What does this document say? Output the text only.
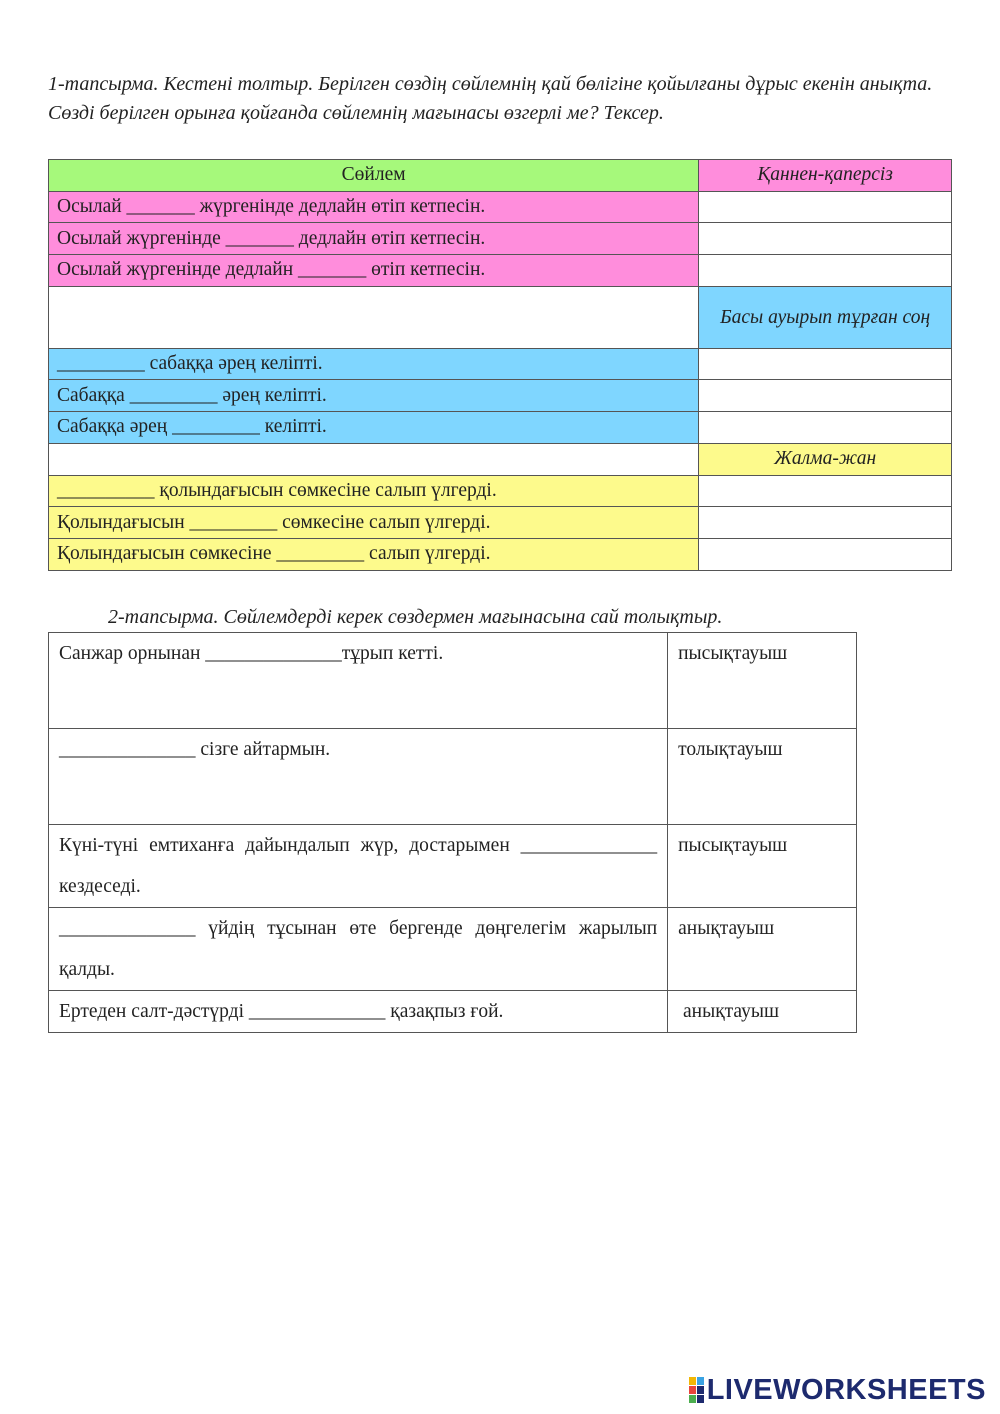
1-тапсырма. Кестені толтыр. Берілген сөздің сөйлемнің қай бөлігіне қойылғаны дұрыс екенін анықта. Сөзді берілген орынға қойғанда сөйлемнің мағынасы өзгерлі ме? Тексер.
Сөйлем	Қаннен-қаперсіз
Осылай _______ жүргенінде дедлайн өтіп кетпесін.	
Осылай жүргенінде _______ дедлайн өтіп кетпесін.	
Осылай жүргенінде дедлайн _______ өтіп кетпесін.	
	Басы ауырып тұрған соң
_________ сабаққа әрең келіпті.	
Сабаққа _________ әрең келіпті.	
Сабаққа әрең _________ келіпті.	
	Жалма-жан
__________ қолындағысын сөмкесіне салып үлгерді.	
Қолындағысын _________ сөмкесіне салып үлгерді.	
Қолындағысын сөмкесіне _________ салып үлгерді.	
2-тапсырма. Сөйлемдерді керек сөздермен мағынасына сай толықтыр.
Санжар орнынан ______________тұрып кетті.	пысықтауыш
______________ сізге айтармын.	толықтауыш
Күні-түні емтиханға дайындалып жүр, достарымен ______________ кездеседі.	пысықтауыш
______________ үйдің тұсынан өте бергенде дөңгелегім жарылып қалды.	анықтауыш
Ертеден салт-дәстүрді ______________ қазақпыз ғой.	анықтауыш
LIVEWORKSHEETS
